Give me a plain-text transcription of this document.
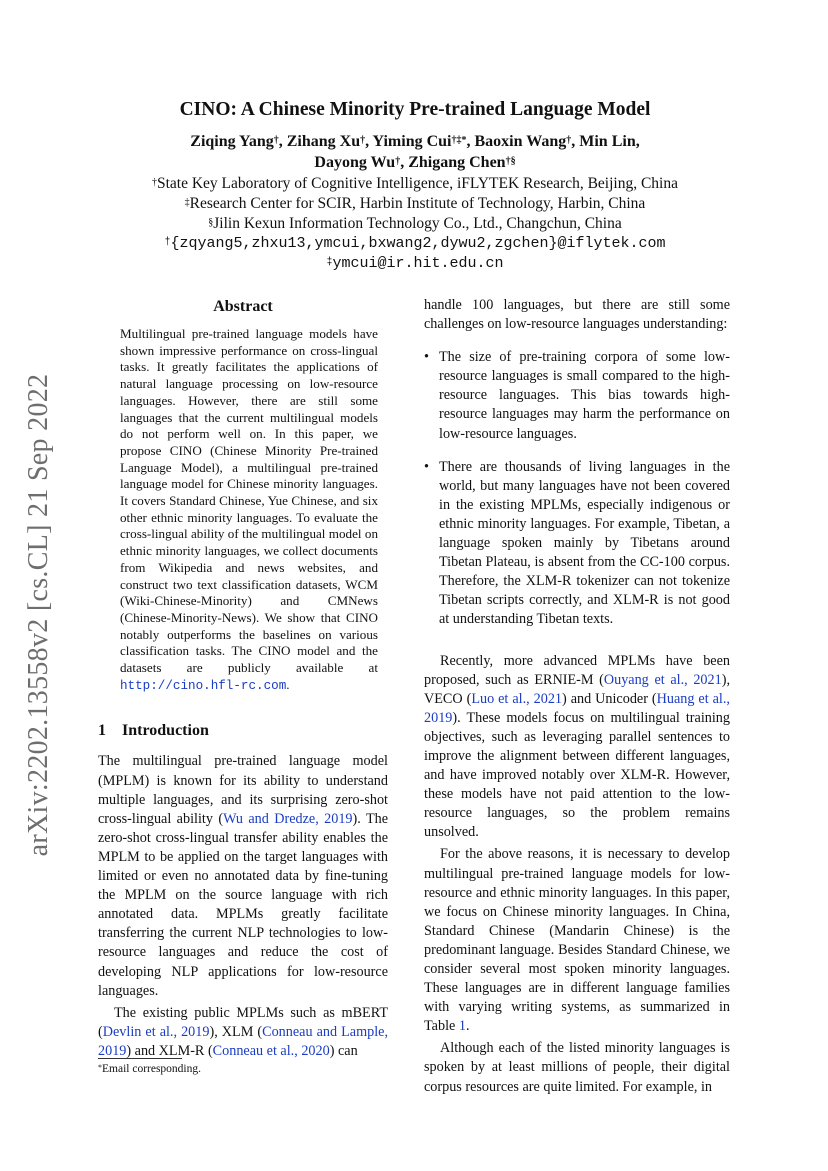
arXiv:2202.13558v2 [cs.CL] 21 Sep 2022
CINO: A Chinese Minority Pre-trained Language Model
Ziqing Yang†, Zihang Xu†, Yiming Cui†‡*, Baoxin Wang†, Min Lin,
Dayong Wu†, Zhigang Chen†§
†State Key Laboratory of Cognitive Intelligence, iFLYTEK Research, Beijing, China
‡Research Center for SCIR, Harbin Institute of Technology, Harbin, China
§Jilin Kexun Information Technology Co., Ltd., Changchun, China
†{zqyang5,zhxu13,ymcui,bxwang2,dywu2,zgchen}@iflytek.com
‡ymcui@ir.hit.edu.cn
Abstract

Multilingual pre-trained language models have shown impressive performance on cross-lingual tasks. It greatly facilitates the applications of natural language processing on low-resource languages. However, there are still some languages that the current multilingual models do not perform well on. In this paper, we propose CINO (Chinese Minority Pre-trained Language Model), a multilingual pre-trained language model for Chinese minority languages. It covers Standard Chinese, Yue Chinese, and six other ethnic minority languages. To evaluate the cross-lingual ability of the multilingual model on ethnic minority languages, we collect documents from Wikipedia and news websites, and construct two text classification datasets, WCM (Wiki-Chinese-Minority) and CMNews (Chinese-Minority-News). We show that CINO notably outperforms the baselines on various classification tasks. The CINO model and the datasets are publicly available at http://cino.hfl-rc.com.

1 Introduction

The multilingual pre-trained language model (MPLM) is known for its ability to understand multiple languages, and its surprising zero-shot cross-lingual ability (Wu and Dredze, 2019). The zero-shot cross-lingual transfer ability enables the MPLM to be applied on the target languages with limited or even no annotated data by fine-tuning the MPLM on the source language with rich annotated data. MPLMs greatly facilitate transferring the current NLP technologies to low-resource languages and reduce the cost of developing NLP applications for low-resource languages.

The existing public MPLMs such as mBERT (Devlin et al., 2019), XLM (Conneau and Lample, 2019) and XLM-R (Conneau et al., 2020) can

handle 100 languages, but there are still some challenges on low-resource languages understanding:

• The size of pre-training corpora of some low-resource languages is small compared to the high-resource languages. This bias towards high-resource languages may harm the performance on low-resource languages.
• There are thousands of living languages in the world, but many languages have not been covered in the existing MPLMs, especially indigenous or ethnic minority languages. For example, Tibetan, a language spoken mainly by Tibetans around Tibetan Plateau, is absent from the CC-100 corpus. Therefore, the XLM-R tokenizer can not tokenize Tibetan scripts correctly, and XLM-R is not good at understanding Tibetan texts.

Recently, more advanced MPLMs have been proposed, such as ERNIE-M (Ouyang et al., 2021), VECO (Luo et al., 2021) and Unicoder (Huang et al., 2019). These models focus on multilingual training objectives, such as leveraging parallel sentences to improve the alignment between different languages, and have improved notably over XLM-R. However, these models have not paid attention to the low-resource languages, so the problem remains unsolved.

For the above reasons, it is necessary to develop multilingual pre-trained language models for low-resource and ethnic minority languages. In this paper, we focus on Chinese minority languages. In China, Standard Chinese (Mandarin Chinese) is the predominant language. Besides Standard Chinese, we consider several most spoken minority languages. These languages are in different language families with varying writing systems, as summarized in Table 1.

Although each of the listed minority languages is spoken by at least millions of people, their digital corpus resources are quite limited. For example, in

*Email corresponding.
